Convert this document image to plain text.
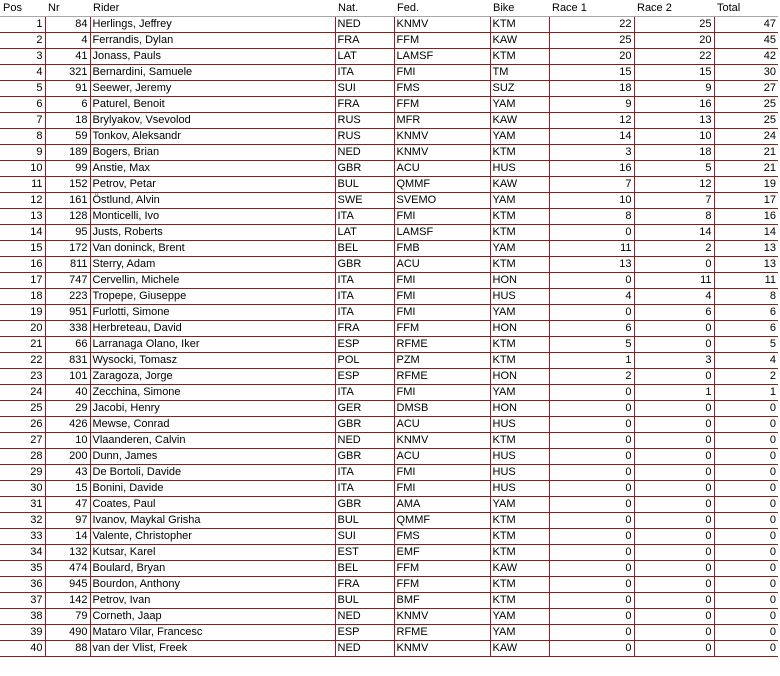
Pos	Nr	Rider	Nat.	Fed.	Bike	Race 1	Race 2	Total
1	84	Herlings, Jeffrey	NED	KNMV	KTM	22	25	47
2	4	Ferrandis, Dylan	FRA	FFM	KAW	25	20	45
3	41	Jonass, Pauls	LAT	LAMSF	KTM	20	22	42
4	321	Bernardini, Samuele	ITA	FMI	TM	15	15	30
5	91	Seewer, Jeremy	SUI	FMS	SUZ	18	9	27
6	6	Paturel, Benoit	FRA	FFM	YAM	9	16	25
7	18	Brylyakov, Vsevolod	RUS	MFR	KAW	12	13	25
8	59	Tonkov, Aleksandr	RUS	KNMV	YAM	14	10	24
9	189	Bogers, Brian	NED	KNMV	KTM	3	18	21
10	99	Anstie, Max	GBR	ACU	HUS	16	5	21
11	152	Petrov, Petar	BUL	QMMF	KAW	7	12	19
12	161	Östlund, Alvin	SWE	SVEMO	YAM	10	7	17
13	128	Monticelli, Ivo	ITA	FMI	KTM	8	8	16
14	95	Justs, Roberts	LAT	LAMSF	KTM	0	14	14
15	172	Van doninck, Brent	BEL	FMB	YAM	11	2	13
16	811	Sterry, Adam	GBR	ACU	KTM	13	0	13
17	747	Cervellin, Michele	ITA	FMI	HON	0	11	11
18	223	Tropepe, Giuseppe	ITA	FMI	HUS	4	4	8
19	951	Furlotti, Simone	ITA	FMI	YAM	0	6	6
20	338	Herbreteau, David	FRA	FFM	HON	6	0	6
21	66	Larranaga Olano, Iker	ESP	RFME	KTM	5	0	5
22	831	Wysocki, Tomasz	POL	PZM	KTM	1	3	4
23	101	Zaragoza, Jorge	ESP	RFME	HON	2	0	2
24	40	Zecchina, Simone	ITA	FMI	YAM	0	1	1
25	29	Jacobi, Henry	GER	DMSB	HON	0	0	0
26	426	Mewse, Conrad	GBR	ACU	HUS	0	0	0
27	10	Vlaanderen, Calvin	NED	KNMV	KTM	0	0	0
28	200	Dunn, James	GBR	ACU	HUS	0	0	0
29	43	De Bortoli, Davide	ITA	FMI	HUS	0	0	0
30	15	Bonini, Davide	ITA	FMI	HUS	0	0	0
31	47	Coates, Paul	GBR	AMA	YAM	0	0	0
32	97	Ivanov, Maykal Grisha	BUL	QMMF	KTM	0	0	0
33	14	Valente, Christopher	SUI	FMS	KTM	0	0	0
34	132	Kutsar, Karel	EST	EMF	KTM	0	0	0
35	474	Boulard, Bryan	BEL	FFM	KAW	0	0	0
36	945	Bourdon, Anthony	FRA	FFM	KTM	0	0	0
37	142	Petrov, Ivan	BUL	BMF	KTM	0	0	0
38	79	Corneth, Jaap	NED	KNMV	YAM	0	0	0
39	490	Mataro Vilar, Francesc	ESP	RFME	YAM	0	0	0
40	88	van der Vlist, Freek	NED	KNMV	KAW	0	0	0
